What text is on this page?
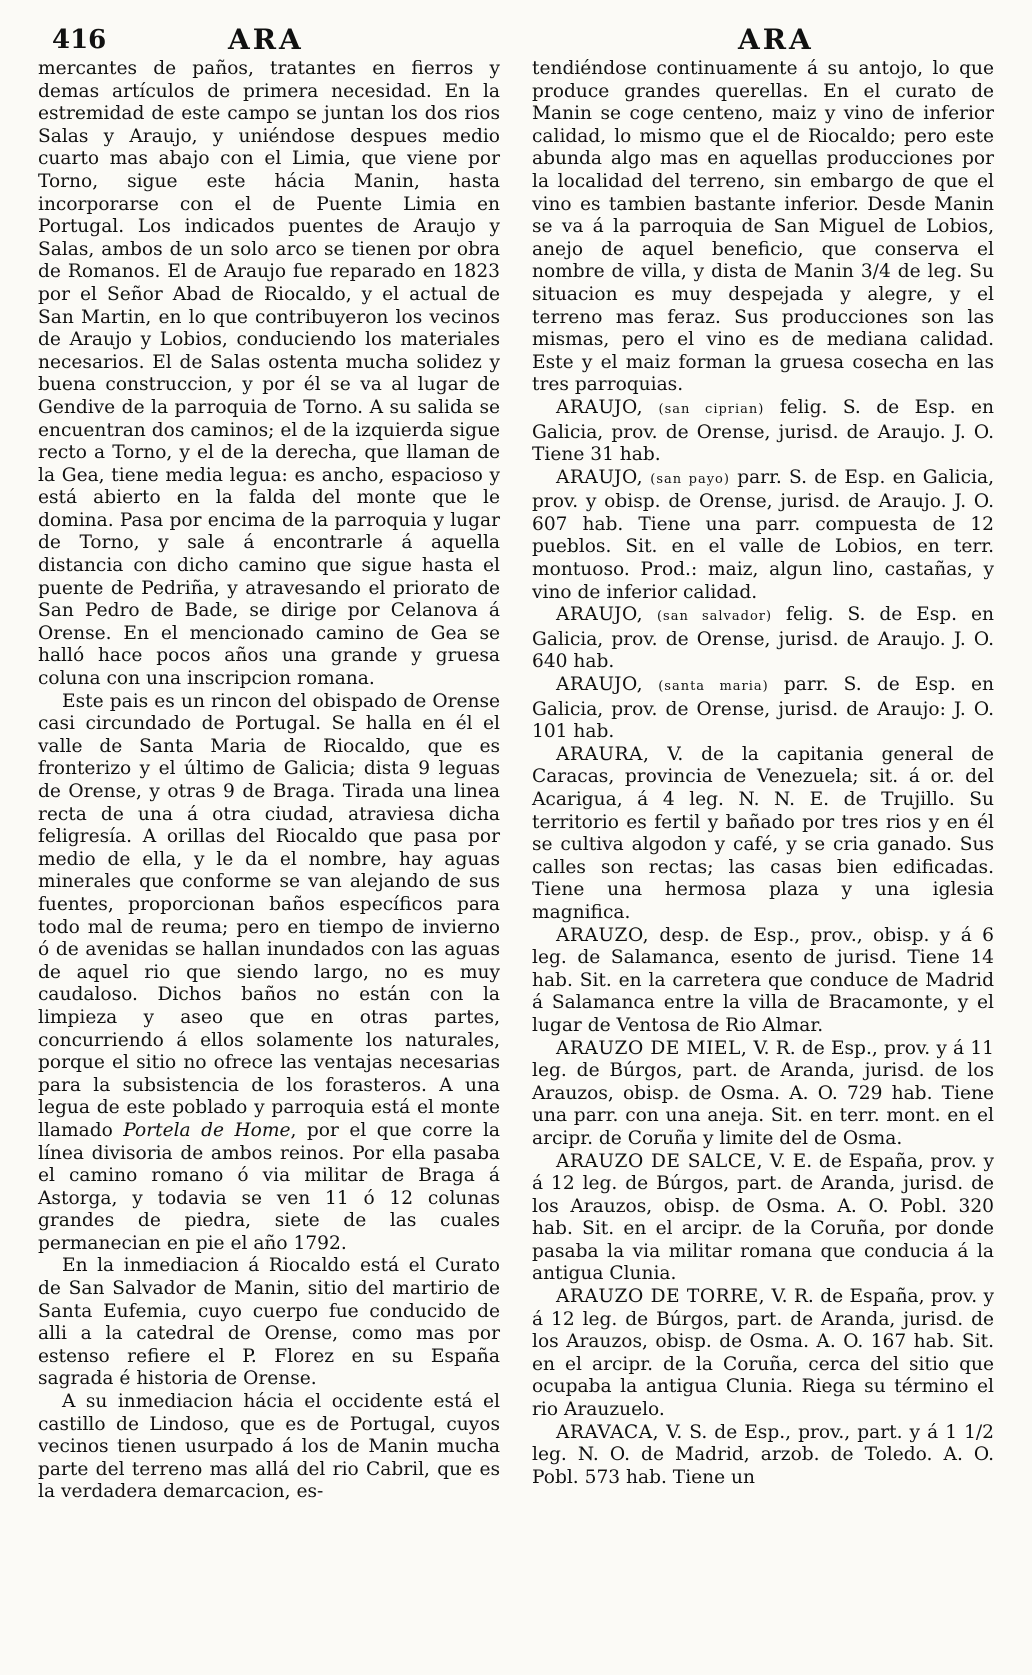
416	ARA	ARA

mercantes de paños, tratantes en fierros y demas artículos de primera necesidad. En la estremidad de este campo se juntan los dos rios Salas y Araujo, y uniéndose despues medio cuarto mas abajo con el Limia, que viene por Torno, sigue este hácia Manin, hasta incorporarse con el de Puente Limia en Portugal. Los indicados puentes de Araujo y Salas, ambos de un solo arco se tienen por obra de Romanos. El de Araujo fue reparado en 1823 por el Señor Abad de Riocaldo, y el actual de San Martin, en lo que contribuyeron los vecinos de Araujo y Lobios, conduciendo los materiales necesarios. El de Salas ostenta mucha solidez y buena construccion, y por él se va al lugar de Gendive de la parroquia de Torno. A su salida se encuentran dos caminos; el de la izquierda sigue recto a Torno, y el de la derecha, que llaman de la Gea, tiene media legua: es ancho, espacioso y está abierto en la falda del monte que le domina. Pasa por encima de la parroquia y lugar de Torno, y sale á encontrarle á aquella distancia con dicho camino que sigue hasta el puente de Pedriña, y atravesando el priorato de San Pedro de Bade, se dirige por Celanova á Orense. En el mencionado camino de Gea se halló hace pocos años una grande y gruesa coluna con una inscripcion romana.

Este pais es un rincon del obispado de Orense casi circundado de Portugal. Se halla en él el valle de Santa Maria de Riocaldo, que es fronterizo y el último de Galicia; dista 9 leguas de Orense, y otras 9 de Braga. Tirada una linea recta de una á otra ciudad, atraviesa dicha feligresía. A orillas del Riocaldo que pasa por medio de ella, y le da el nombre, hay aguas minerales que conforme se van alejando de sus fuentes, proporcionan baños específicos para todo mal de reuma; pero en tiempo de invierno ó de avenidas se hallan inundados con las aguas de aquel rio que siendo largo, no es muy caudaloso. Dichos baños no están con la limpieza y aseo que en otras partes, concurriendo á ellos solamente los naturales, porque el sitio no ofrece las ventajas necesarias para la subsistencia de los forasteros. A una legua de este poblado y parroquia está el monte llamado Portela de Home, por el que corre la línea divisoria de ambos reinos. Por ella pasaba el camino romano ó via militar de Braga á Astorga, y todavia se ven 11 ó 12 colunas grandes de piedra, siete de las cuales permanecian en pie el año 1792.

En la inmediacion á Riocaldo está el Curato de San Salvador de Manin, sitio del martirio de Santa Eufemia, cuyo cuerpo fue conducido de alli a la catedral de Orense, como mas por estenso refiere el P. Florez en su España sagrada é historia de Orense.

A su inmediacion hácia el occidente está el castillo de Lindoso, que es de Portugal, cuyos vecinos tienen usurpado á los de Manin mucha parte del terreno mas allá del rio Cabril, que es la verdadera demarcacion, es-

tendiéndose continuamente á su antojo, lo que produce grandes querellas. En el curato de Manin se coge centeno, maiz y vino de inferior calidad, lo mismo que el de Riocaldo; pero este abunda algo mas en aquellas producciones por la localidad del terreno, sin embargo de que el vino es tambien bastante inferior. Desde Manin se va á la parroquia de San Miguel de Lobios, anejo de aquel beneficio, que conserva el nombre de villa, y dista de Manin 3/4 de leg. Su situacion es muy despejada y alegre, y el terreno mas feraz. Sus producciones son las mismas, pero el vino es de mediana calidad. Este y el maiz forman la gruesa cosecha en las tres parroquias.

ARAUJO, (san ciprian) felig. S. de Esp. en Galicia, prov. de Orense, jurisd. de Araujo. J. O. Tiene 31 hab.

ARAUJO, (san payo) parr. S. de Esp. en Galicia, prov. y obisp. de Orense, jurisd. de Araujo. J. O. 607 hab. Tiene una parr. compuesta de 12 pueblos. Sit. en el valle de Lobios, en terr. montuoso. Prod.: maiz, algun lino, castañas, y vino de inferior calidad.

ARAUJO, (san salvador) felig. S. de Esp. en Galicia, prov. de Orense, jurisd. de Araujo. J. O. 640 hab.

ARAUJO, (santa maria) parr. S. de Esp. en Galicia, prov. de Orense, jurisd. de Araujo: J. O. 101 hab.

ARAURA, V. de la capitania general de Caracas, provincia de Venezuela; sit. á or. del Acarigua, á 4 leg. N. N. E. de Trujillo. Su territorio es fertil y bañado por tres rios y en él se cultiva algodon y café, y se cria ganado. Sus calles son rectas; las casas bien edificadas. Tiene una hermosa plaza y una iglesia magnifica.

ARAUZO, desp. de Esp., prov., obisp. y á 6 leg. de Salamanca, esento de jurisd. Tiene 14 hab. Sit. en la carretera que conduce de Madrid á Salamanca entre la villa de Bracamonte, y el lugar de Ventosa de Rio Almar.

ARAUZO DE MIEL, V. R. de Esp., prov. y á 11 leg. de Búrgos, part. de Aranda, jurisd. de los Arauzos, obisp. de Osma. A. O. 729 hab. Tiene una parr. con una aneja. Sit. en terr. mont. en el arcipr. de Coruña y limite del de Osma.

ARAUZO DE SALCE, V. E. de España, prov. y á 12 leg. de Búrgos, part. de Aranda, jurisd. de los Arauzos, obisp. de Osma. A. O. Pobl. 320 hab. Sit. en el arcipr. de la Coruña, por donde pasaba la via militar romana que conducia á la antigua Clunia.

ARAUZO DE TORRE, V. R. de España, prov. y á 12 leg. de Búrgos, part. de Aranda, jurisd. de los Arauzos, obisp. de Osma. A. O. 167 hab. Sit. en el arcipr. de la Coruña, cerca del sitio que ocupaba la antigua Clunia. Riega su término el rio Arauzuelo.

ARAVACA, V. S. de Esp., prov., part. y á 1 1/2 leg. N. O. de Madrid, arzob. de Toledo. A. O. Pobl. 573 hab. Tiene un
